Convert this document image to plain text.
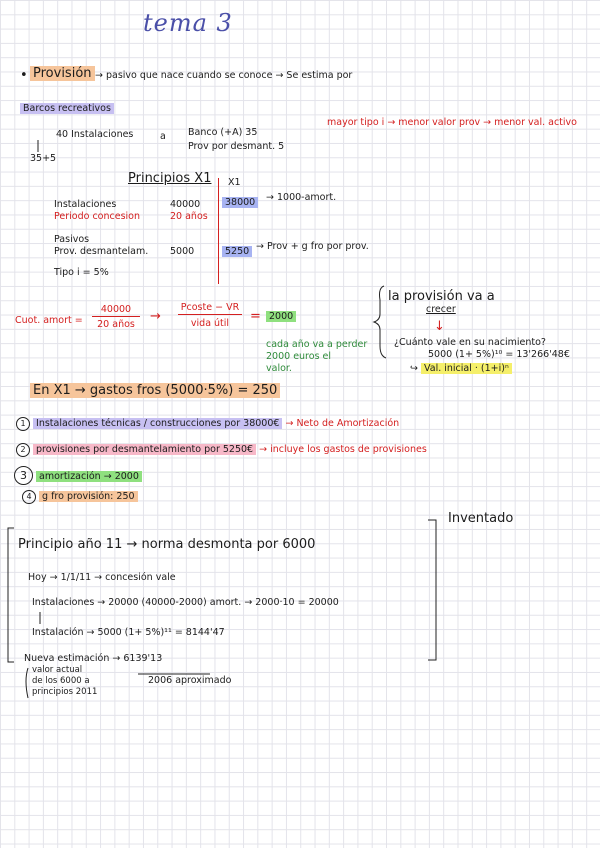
tema 3
• Provisión → pasivo que nace cuando se conoce → Se estima por
Barcos recreativos
mayor tipo i → menor valor prov → menor val. activo
40 Instalaciones	a Banco (+A) 35
Prov por desmant. 5
35+5
Principios X1 X1
Instalaciones	40000	38000	→ 1000-amort.
Periodo concesion	20 años
Pasivos
Prov. desmantelam. 5000	5250 → Prov + g fro por prov.
Tipo i = 5%
Cuot. amort =
40000
20 años
→
Pcoste − VR
vida útil	= 2000
cada año va a perder
2000 euros el
valor.
la provisión va a
crecer
↓
¿Cuánto vale en su nacimiento?
5000 (1+ 5%)¹⁰ = 13'266'48€
↪ Val. inicial · (1+i)ⁿ
En X1 → gastos fros (5000·5%) = 250
1 Instalaciones técnicas / construcciones por 38000€ → Neto de Amortización
2 provisiones por desmantelamiento por 5250€ → incluye los gastos de provisiones
3 amortización → 2000
4 g fro provisión: 250
Inventado
Principio año 11 → norma desmonta por 6000
Hoy → 1/1/11 → concesión vale
Instalaciones → 20000 (40000-2000) amort. → 2000·10 = 20000
Instalación → 5000 (1+ 5%)¹¹ = 8144'47
Nueva estimación → 6139'13
valor actual
de los 6000 a
principios 2011
2006 aproximado
